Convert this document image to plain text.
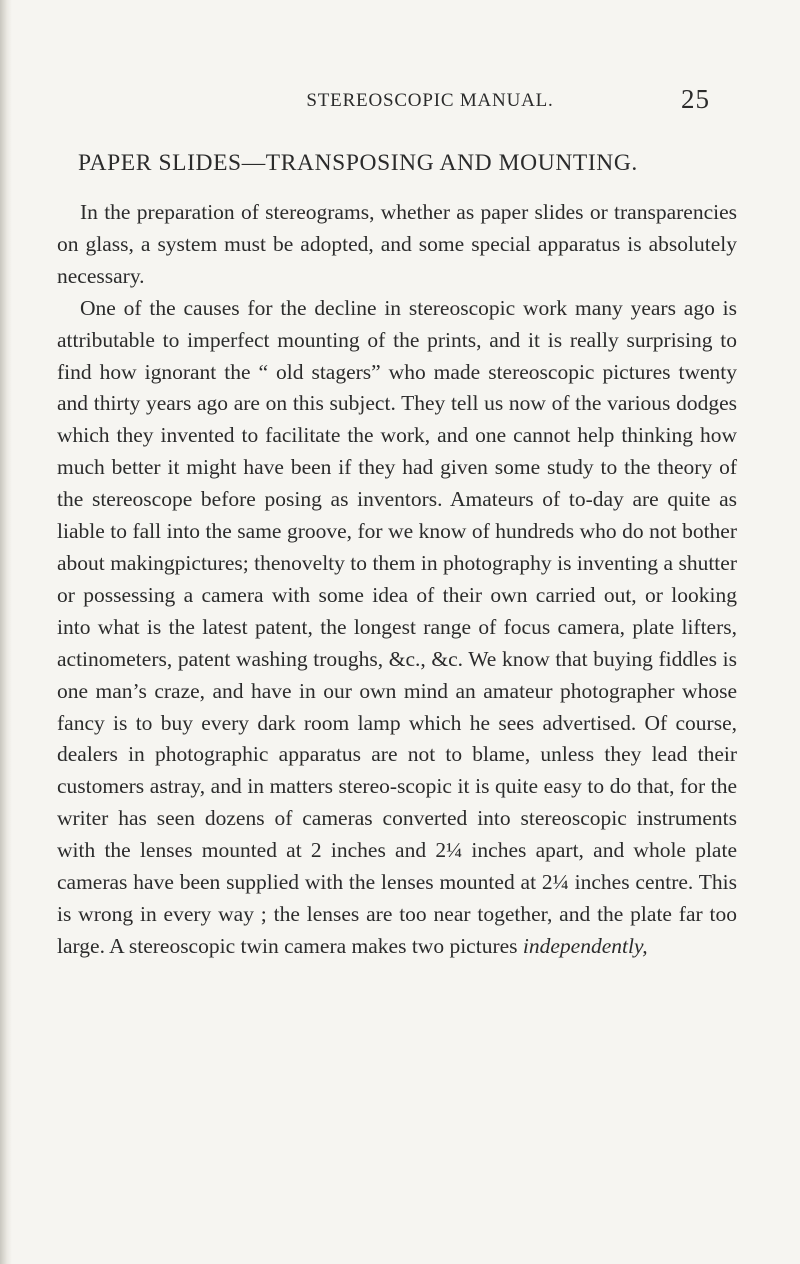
STEREOSCOPIC MANUAL.	25
PAPER SLIDES—TRANSPOSING AND MOUNTING.

In the preparation of stereograms, whether as paper slides or transparencies on glass, a system must be adopted, and some special apparatus is absolutely necessary.

One of the causes for the decline in stereoscopic work many years ago is attributable to imperfect mounting of the prints, and it is really surprising to find how ignorant the “ old stagers” who made stereoscopic pictures twenty and thirty years ago are on this subject. They tell us now of the various dodges which they invented to facilitate the work, and one cannot help thinking how much better it might have been if they had given some study to the theory of the stereoscope before posing as inventors. Amateurs of to-day are quite as liable to fall into the same groove, for we know of hundreds who do not bother about makingpictures; thenovelty to them in photography is inventing a shutter or possessing a camera with some idea of their own carried out, or looking into what is the latest patent, the longest range of focus camera, plate lifters, actinometers, patent washing troughs, &c., &c. We know that buying fiddles is one man’s craze, and have in our own mind an amateur photographer whose fancy is to buy every dark room lamp which he sees advertised. Of course, dealers in photographic apparatus are not to blame, unless they lead their customers astray, and in matters stereo-scopic it is quite easy to do that, for the writer has seen dozens of cameras converted into stereoscopic instruments with the lenses mounted at 2 inches and 2¼ inches apart, and whole plate cameras have been supplied with the lenses mounted at 2¼ inches centre. This is wrong in every way ; the lenses are too near together, and the plate far too large. A stereoscopic twin camera makes two pictures independently,
